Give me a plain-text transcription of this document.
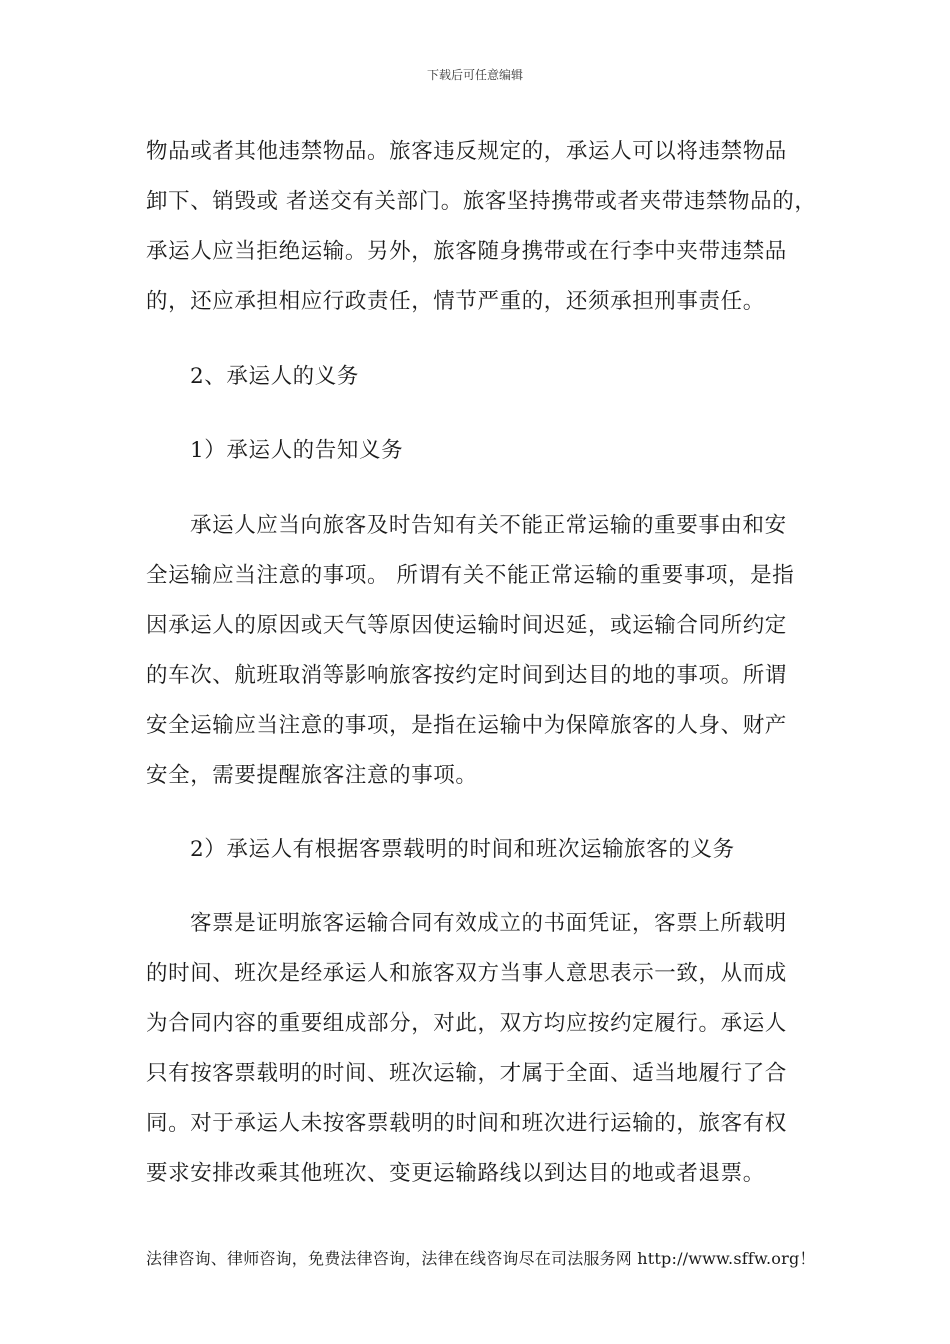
下载后可任意编辑
物品或者其他违禁物品。旅客违反规定的，承运人可以将违禁物品
卸下、销毁或 者送交有关部门。旅客坚持携带或者夹带违禁物品的，
承运人应当拒绝运输。另外，旅客随身携带或在行李中夹带违禁品
的，还应承担相应行政责任，情节严重的，还须承担刑事责任。
2、承运人的义务
1）承运人的告知义务
承运人应当向旅客及时告知有关不能正常运输的重要事由和安
全运输应当注意的事项。 所谓有关不能正常运输的重要事项，是指
因承运人的原因或天气等原因使运输时间迟延，或运输合同所约定
的车次、航班取消等影响旅客按约定时间到达目的地的事项。所谓
安全运输应当注意的事项，是指在运输中为保障旅客的人身、财产
安全，需要提醒旅客注意的事项。
2）承运人有根据客票载明的时间和班次运输旅客的义务
客票是证明旅客运输合同有效成立的书面凭证，客票上所载明
的时间、班次是经承运人和旅客双方当事人意思表示一致，从而成
为合同内容的重要组成部分，对此，双方均应按约定履行。承运人
只有按客票载明的时间、班次运输，才属于全面、适当地履行了合
同。对于承运人未按客票载明的时间和班次进行运输的，旅客有权
要求安排改乘其他班次、变更运输路线以到达目的地或者退票。
法律咨询、律师咨询，免费法律咨询，法律在线咨询尽在司法服务网 http://www.sffw.org！
